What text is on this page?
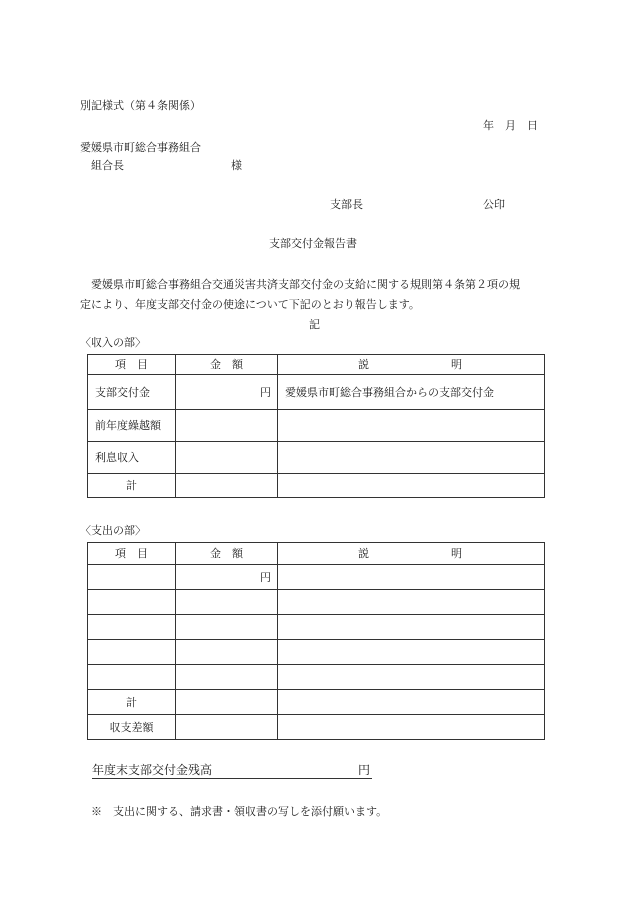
別記様式（第４条関係）
年　月　日
愛媛県市町総合事務組合
組合長	様
支部長	公印
支部交付金報告書
愛媛県市町総合事務組合交通災害共済支部交付金の支給に関する規則第４条第２項の規
定により、年度支部交付金の使途について下記のとおり報告します。
記
〈収入の部〉
項　目	金　額	説 明

支部交付金	円	愛媛県市町総合事務組合からの支部交付金
前年度繰越額		
利息収入		
計		
〈支出の部〉
項　目	金　額	説 明

	円	

計		
収支差額		
年度末支部交付金残高	円
※　支出に関する、請求書・領収書の写しを添付願います。
